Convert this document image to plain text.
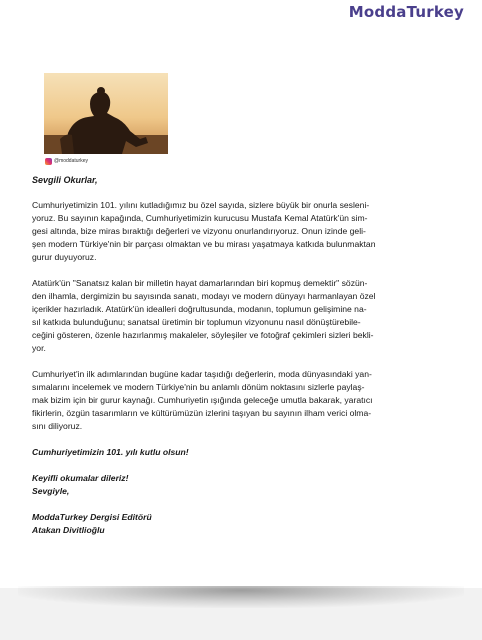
ModdaTurkey
@moddaturkey

Sevgili Okurlar,

Cumhuriyetimizin 101. yılını kutladığımız bu özel sayıda, sizlere büyük bir onurla sesleni-
yoruz. Bu sayının kapağında, Cumhuriyetimizin kurucusu Mustafa Kemal Atatürk'ün sim-
gesi altında, bize miras bıraktığı değerleri ve vizyonu onurlandırıyoruz. Onun izinde geli-
şen modern Türkiye'nin bir parçası olmaktan ve bu mirası yaşatmaya katkıda bulunmaktan
gurur duyuyoruz.

Atatürk'ün "Sanatsız kalan bir milletin hayat damarlarından biri kopmuş demektir" sözün-
den ilhamla, dergimizin bu sayısında sanatı, modayı ve modern dünyayı harmanlayan özel
içerikler hazırladık. Atatürk'ün idealleri doğrultusunda, modanın, toplumun gelişimine na-
sıl katkıda bulunduğunu; sanatsal üretimin bir toplumun vizyonunu nasıl dönüştürebile-
ceğini gösteren, özenle hazırlanmış makaleler, söyleşiler ve fotoğraf çekimleri sizleri bekli-
yor.

Cumhuriyet'in ilk adımlarından bugüne kadar taşıdığı değerlerin, moda dünyasındaki yan-
sımalarını incelemek ve modern Türkiye'nin bu anlamlı dönüm noktasını sizlerle paylaş-
mak bizim için bir gurur kaynağı. Cumhuriyetin ışığında geleceğe umutla bakarak, yaratıcı
fikirlerin, özgün tasarımların ve kültürümüzün izlerini taşıyan bu sayının ilham verici olma-
sını diliyoruz.

Cumhuriyetimizin 101. yılı kutlu olsun!

Keyifli okumalar dileriz!

Sevgiyle,

ModdaTurkey Dergisi Editörü

Atakan Divitlioğlu
